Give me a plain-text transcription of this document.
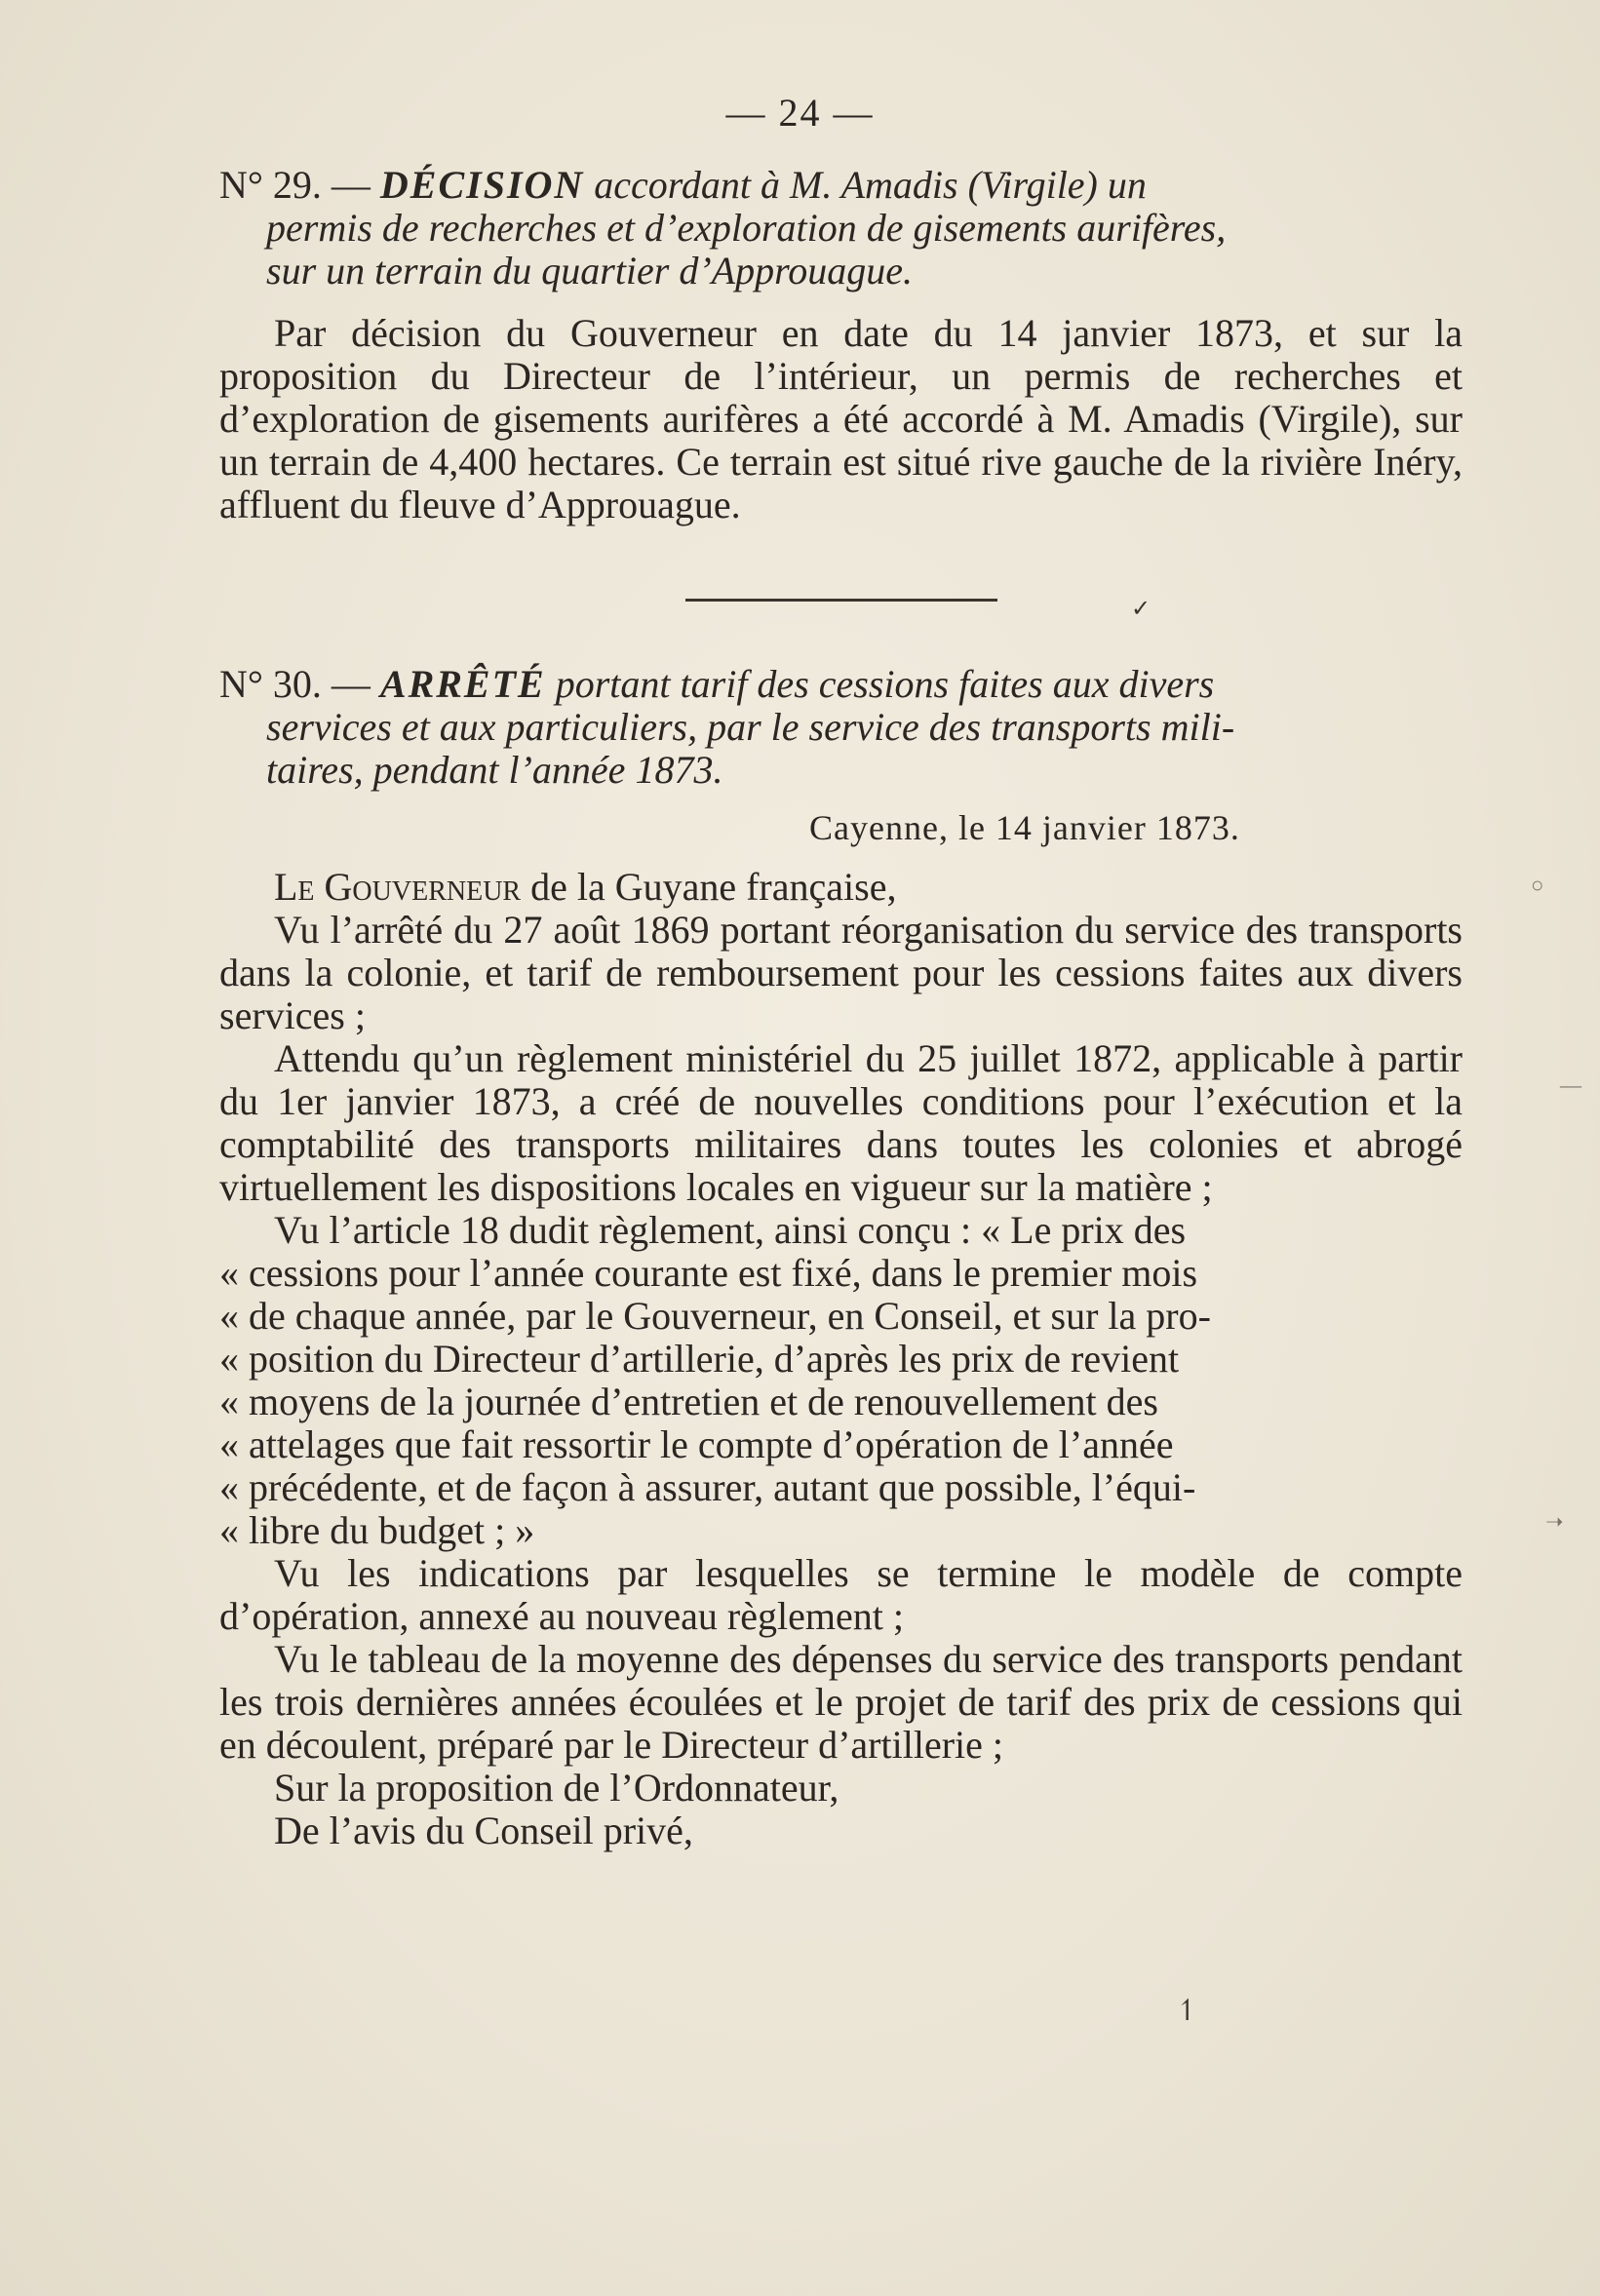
— 24 —
N° 29. — DÉCISION accordant à M. Amadis (Virgile) un
permis de recherches et d’exploration de gisements aurifères,
sur un terrain du quartier d’Approuague.

Par décision du Gouverneur en date du 14 janvier 1873, et sur la proposition du Directeur de l’intérieur, un permis de recherches et d’exploration de gisements aurifères a été accordé à M. Amadis (Virgile), sur un terrain de 4,400 hectares. Ce terrain est situé rive gauche de la rivière Inéry, affluent du fleuve d’Approuague.

✓
N° 30. — ARRÊTÉ portant tarif des cessions faites aux divers
services et aux particuliers, par le service des transports mili-
taires, pendant l’année 1873.
Cayenne, le 14 janvier 1873.

Le Gouverneur de la Guyane française,

Vu l’arrêté du 27 août 1869 portant réorganisation du service des transports dans la colonie, et tarif de remboursement pour les cessions faites aux divers services ;

Attendu qu’un règlement ministériel du 25 juillet 1872, applicable à partir du 1er janvier 1873, a créé de nouvelles conditions pour l’exécution et la comptabilité des transports militaires dans toutes les colonies et abrogé virtuellement les dispositions locales en vigueur sur la matière ;

Vu l’article 18 dudit règlement, ainsi conçu : « Le prix des
« cessions pour l’année courante est fixé, dans le premier mois
« de chaque année, par le Gouverneur, en Conseil, et sur la pro-
« position du Directeur d’artillerie, d’après les prix de revient
« moyens de la journée d’entretien et de renouvellement des
« attelages que fait ressortir le compte d’opération de l’année
« précédente, et de façon à assurer, autant que possible, l’équi-
« libre du budget ; »

Vu les indications par lesquelles se termine le modèle de compte d’opération, annexé au nouveau règlement ;

Vu le tableau de la moyenne des dépenses du service des transports pendant les trois dernières années écoulées et le projet de tarif des prix de cessions qui en découlent, préparé par le Directeur d’artillerie ;

Sur la proposition de l’Ordonnateur,

De l’avis du Conseil privé,

○
—
➝
↿
